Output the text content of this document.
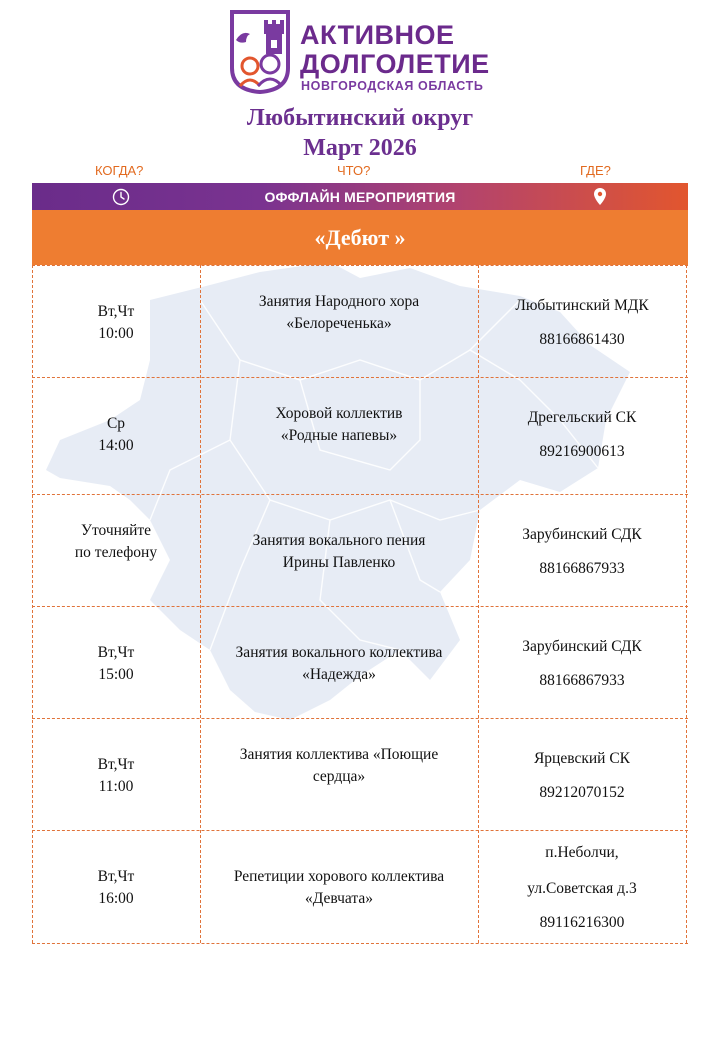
АКТИВНОЕ
ДОЛГОЛЕТИЕ
НОВГОРОДСКАЯ ОБЛАСТЬ
Любытинский округ
Март 2026
КОГДА?	ЧТО?	ГДЕ?
ОФФЛАЙН МЕРОПРИЯТИЯ
«Дебют »
Вт,Чт
10:00
Занятия Народного хора
«Белореченька»
Любытинский МДК
88166861430
Ср
14:00
Хоровой коллектив
«Родные напевы»
Дрегельский СК
89216900613
Уточняйте
по телефону
Занятия вокального пения
Ирины Павленко
Зарубинский СДК
88166867933
Вт,Чт
15:00
Занятия вокального коллектива
«Надежда»
Зарубинский СДК
88166867933
Вт,Чт
11:00
Занятия коллектива «Поющие
сердца»
Ярцевский СК
89212070152
Вт,Чт
16:00
Репетиции хорового коллектива
«Девчата»
п.Неболчи,
ул.Советская д.3
89116216300
